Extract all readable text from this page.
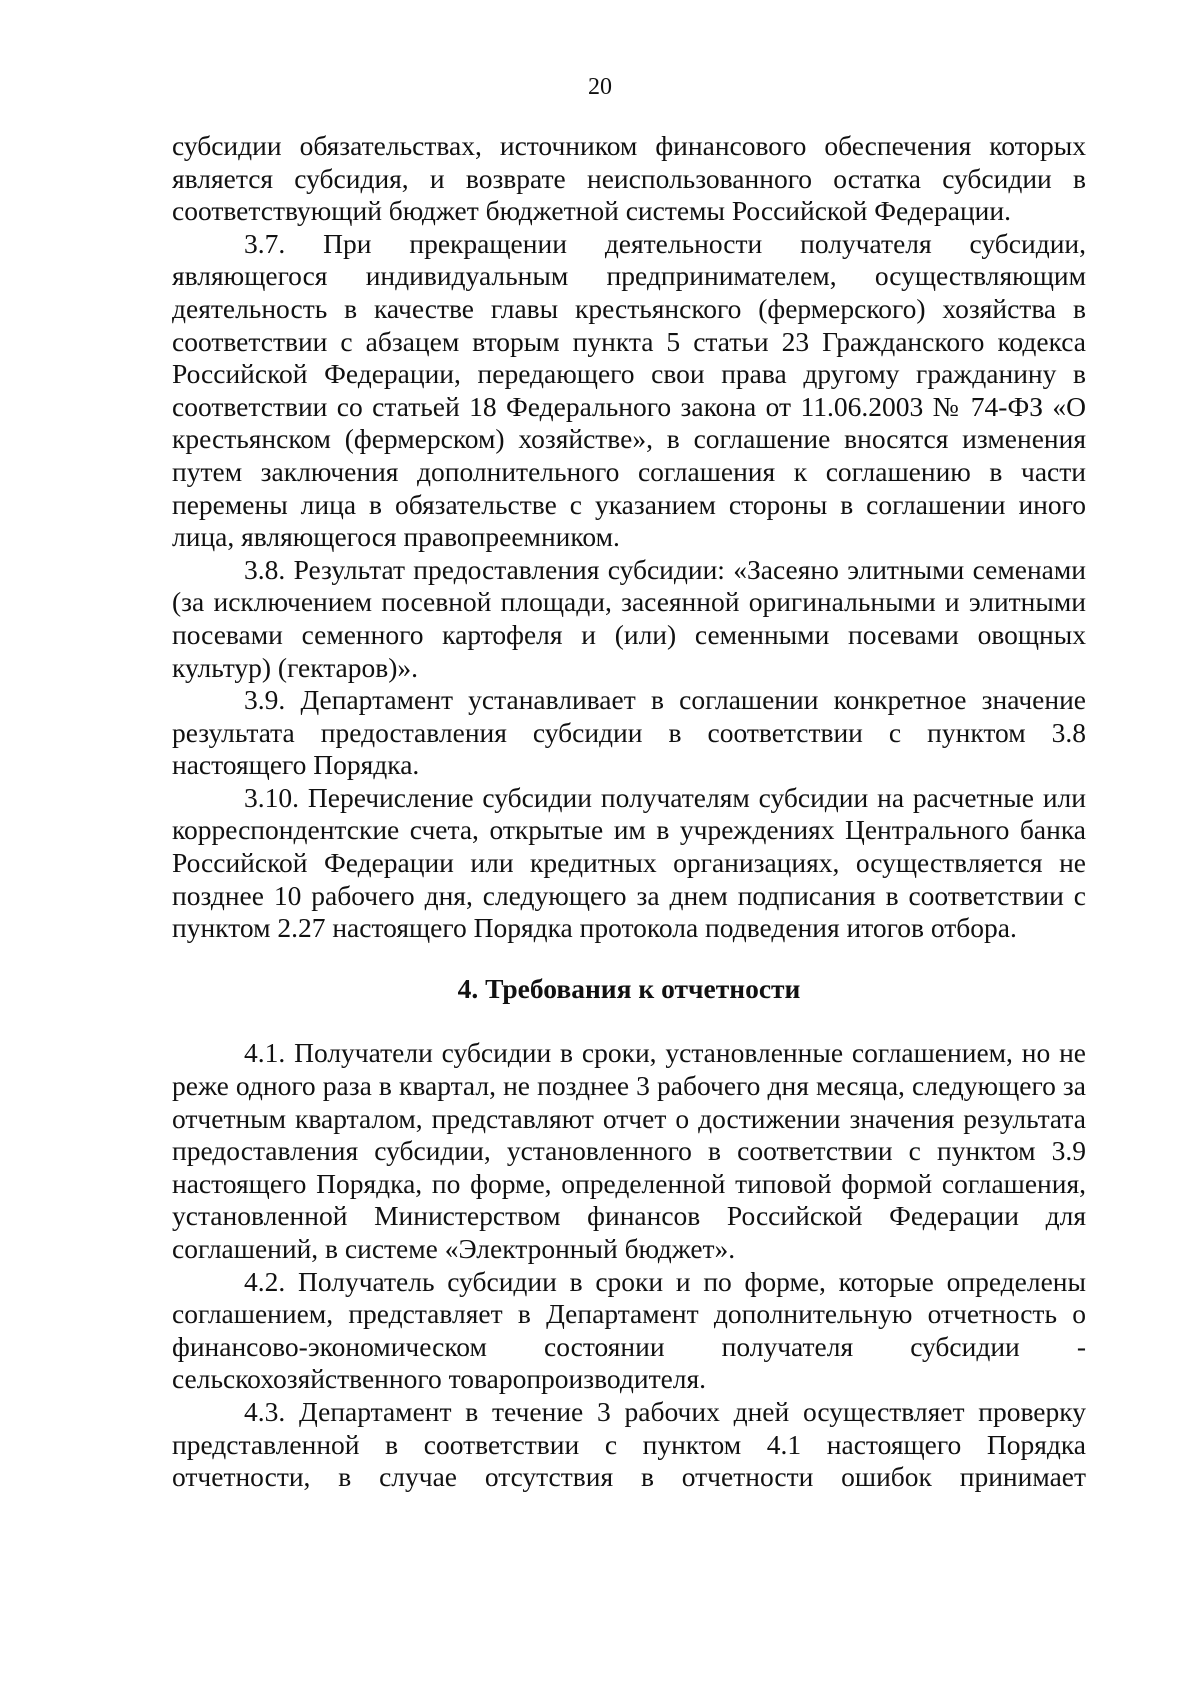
20

субсидии обязательствах, источником финансового обеспечения которых является субсидия, и возврате неиспользованного остатка субсидии в соответствующий бюджет бюджетной системы Российской Федерации.

3.7. При прекращении деятельности получателя субсидии, являющегося индивидуальным предпринимателем, осуществляющим деятельность в качестве главы крестьянского (фермерского) хозяйства в соответствии с абзацем вторым пункта 5 статьи 23 Гражданского кодекса Российской Федерации, передающего свои права другому гражданину в соответствии со статьей 18 Федерального закона от 11.06.2003 № 74-ФЗ «О крестьянском (фермерском) хозяйстве», в соглашение вносятся изменения путем заключения дополнительного соглашения к соглашению в части перемены лица в обязательстве с указанием стороны в соглашении иного лица, являющегося правопреемником.

3.8. Результат предоставления субсидии: «Засеяно элитными семенами (за исключением посевной площади, засеянной оригинальными и элитными посевами семенного картофеля и (или) семенными посевами овощных культур) (гектаров)».

3.9. Департамент устанавливает в соглашении конкретное значение результата предоставления субсидии в соответствии с пунктом 3.8 настоящего Порядка.

3.10. Перечисление субсидии получателям субсидии на расчетные или корреспондентские счета, открытые им в учреждениях Центрального банка Российской Федерации или кредитных организациях, осуществляется не позднее 10 рабочего дня, следующего за днем подписания в соответствии с пунктом 2.27 настоящего Порядка протокола подведения итогов отбора.

4. Требования к отчетности

4.1. Получатели субсидии в сроки, установленные соглашением, но не реже одного раза в квартал, не позднее 3 рабочего дня месяца, следующего за отчетным кварталом, представляют отчет о достижении значения результата предоставления субсидии, установленного в соответствии с пунктом 3.9 настоящего Порядка, по форме, определенной типовой формой соглашения, установленной Министерством финансов Российской Федерации для соглашений, в системе «Электронный бюджет».

4.2. Получатель субсидии в сроки и по форме, которые определены соглашением, представляет в Департамент дополнительную отчетность о финансово-экономическом состоянии получателя субсидии - сельскохозяйственного товаропроизводителя.

4.3. Департамент в течение 3 рабочих дней осуществляет проверку представленной в соответствии с пунктом 4.1 настоящего Порядка отчетности, в случае отсутствия в отчетности ошибок принимает
